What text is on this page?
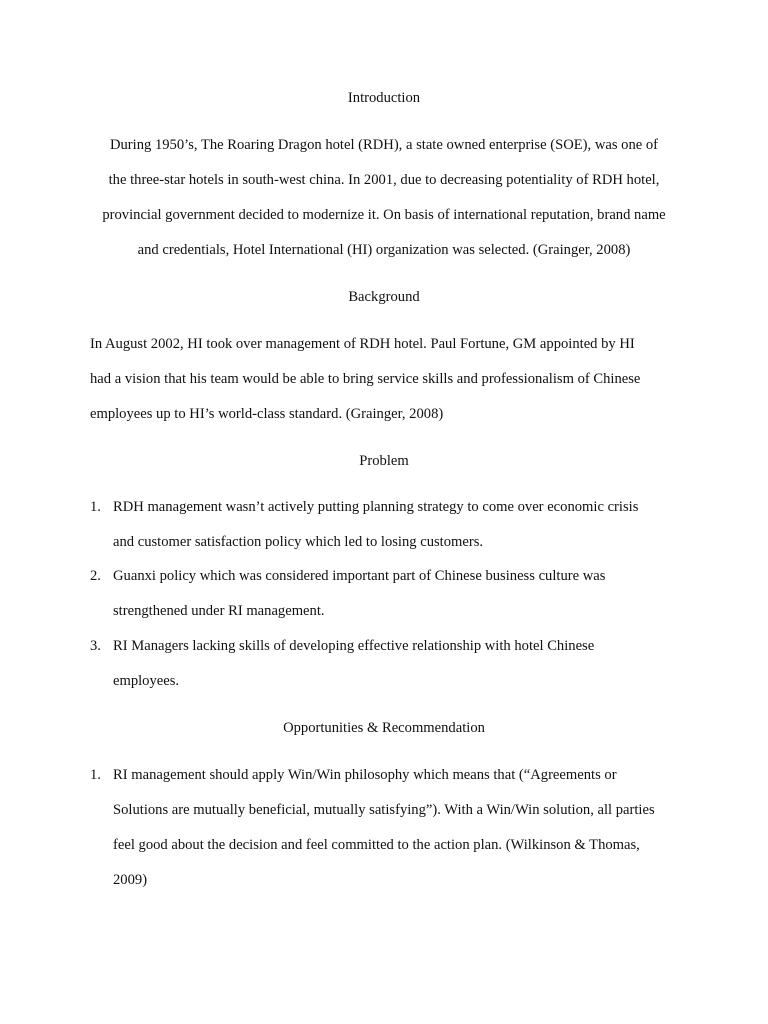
Introduction
During 1950’s, The Roaring Dragon hotel (RDH), a state owned enterprise (SOE), was one of
the three-star hotels in south-west china. In 2001, due to decreasing potentiality of RDH hotel,
provincial government decided to modernize it. On basis of international reputation, brand name
and credentials, Hotel International (HI) organization was selected. (Grainger, 2008)
Background
In August 2002, HI took over management of RDH hotel. Paul Fortune, GM appointed by HI
had a vision that his team would be able to bring service skills and professionalism of Chinese
employees up to HI’s world-class standard. (Grainger, 2008)
Problem
1. RDH management wasn’t actively putting planning strategy to come over economic crisis
and customer satisfaction policy which led to losing customers.
2. Guanxi policy which was considered important part of Chinese business culture was
strengthened under RI management.
3. RI Managers lacking skills of developing effective relationship with hotel Chinese
employees.
Opportunities & Recommendation
1. RI management should apply Win/Win philosophy which means that (“Agreements or
Solutions are mutually beneficial, mutually satisfying”). With a Win/Win solution, all parties
feel good about the decision and feel committed to the action plan. (Wilkinson & Thomas,
2009)
